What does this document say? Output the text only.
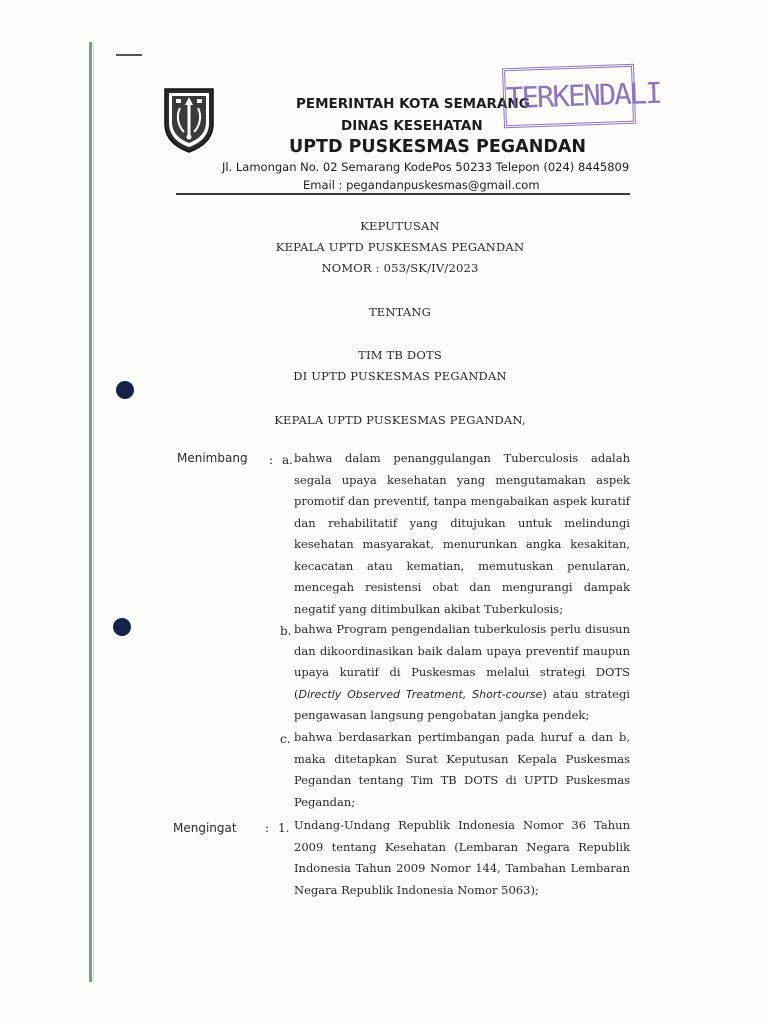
PEMERINTAH KOTA SEMARANG
DINAS KESEHATAN
UPTD PUSKESMAS PEGANDAN
Jl. Lamongan No. 02 Semarang KodePos 50233 Telepon (024) 8445809
Email : pegandanpuskesmas@gmail.com
TERKENDALI
KEPUTUSAN
KEPALA UPTD PUSKESMAS PEGANDAN
NOMOR : 053/SK/IV/2023
TENTANG
TIM TB DOTS
DI UPTD PUSKESMAS PEGANDAN
KEPALA UPTD PUSKESMAS PEGANDAN,
Menimbang : a. bahwa dalam penanggulangan Tuberculosis adalah segala upaya kesehatan yang mengutamakan aspek promotif dan preventif, tanpa mengabaikan aspek kuratif dan rehabilitatif yang ditujukan untuk melindungi kesehatan masyarakat, menurunkan angka kesakitan, kecacatan atau kematian, memutuskan penularan, mencegah resistensi obat dan mengurangi dampak negatif yang ditimbulkan akibat Tuberkulosis;
b. bahwa Program pengendalian tuberkulosis perlu disusun dan dikoordinasikan baik dalam upaya preventif maupun upaya kuratif di Puskesmas melalui strategi DOTS (Directly Observed Treatment, Short-course) atau strategi pengawasan langsung pengobatan jangka pendek;
c. bahwa berdasarkan pertimbangan pada huruf a dan b, maka ditetapkan Surat Keputusan Kepala Puskesmas Pegandan tentang Tim TB DOTS di UPTD Puskesmas Pegandan;
Mengingat : 1. Undang-Undang Republik Indonesia Nomor 36 Tahun 2009 tentang Kesehatan (Lembaran Negara Republik Indonesia Tahun 2009 Nomor 144, Tambahan Lembaran Negara Republik Indonesia Nomor 5063);
